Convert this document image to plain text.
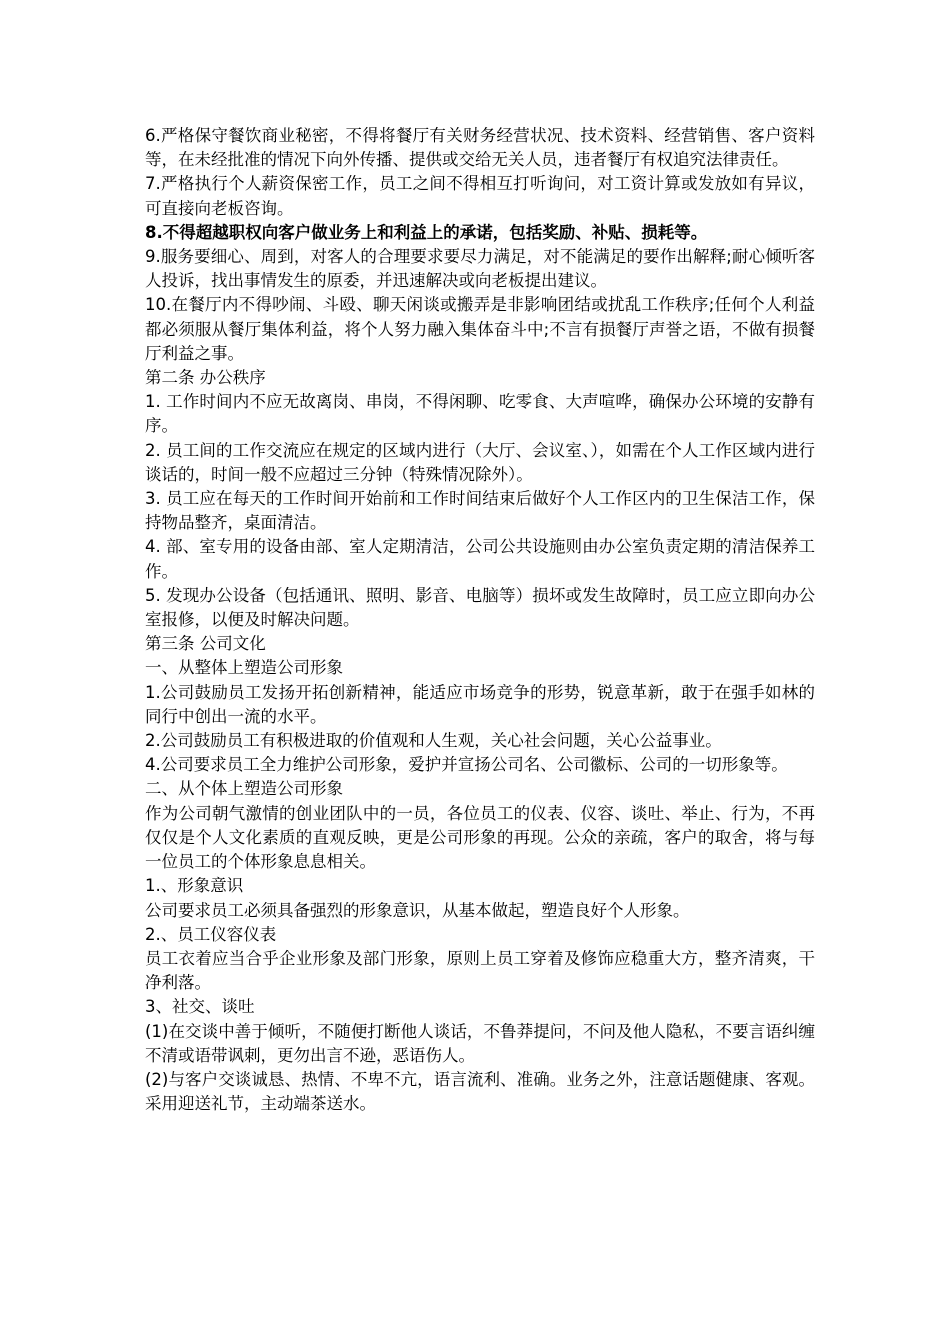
6.严格保守餐饮商业秘密，不得将餐厅有关财务经营状况、技术资料、经营销售、客户资料等，在未经批准的情况下向外传播、提供或交给无关人员，违者餐厅有权追究法律责任。

7.严格执行个人薪资保密工作，员工之间不得相互打听询问，对工资计算或发放如有异议，可直接向老板咨询。

8.不得超越职权向客户做业务上和利益上的承诺，包括奖励、补贴、损耗等。

9.服务要细心、周到，对客人的合理要求要尽力满足，对不能满足的要作出解释;耐心倾听客人投诉，找出事情发生的原委，并迅速解决或向老板提出建议。

10.在餐厅内不得吵闹、斗殴、聊天闲谈或搬弄是非影响团结或扰乱工作秩序;任何个人利益都必须服从餐厅集体利益，将个人努力融入集体奋斗中;不言有损餐厅声誉之语，不做有损餐厅利益之事。

第二条 办公秩序

1. 工作时间内不应无故离岗、串岗，不得闲聊、吃零食、大声喧哗，确保办公环境的安静有序。

2. 员工间的工作交流应在规定的区域内进行（大厅、会议室、），如需在个人工作区域内进行谈话的，时间一般不应超过三分钟（特殊情况除外）。

3. 员工应在每天的工作时间开始前和工作时间结束后做好个人工作区内的卫生保洁工作，保持物品整齐，桌面清洁。

4. 部、室专用的设备由部、室人定期清洁，公司公共设施则由办公室负责定期的清洁保养工作。

5. 发现办公设备（包括通讯、照明、影音、电脑等）损坏或发生故障时，员工应立即向办公室报修，以便及时解决问题。

第三条 公司文化

一、从整体上塑造公司形象

1.公司鼓励员工发扬开拓创新精神，能适应市场竞争的形势，锐意革新，敢于在强手如林的同行中创出一流的水平。

2.公司鼓励员工有积极进取的价值观和人生观，关心社会问题，关心公益事业。

4.公司要求员工全力维护公司形象，爱护并宣扬公司名、公司徽标、公司的一切形象等。

二、从个体上塑造公司形象

作为公司朝气激情的创业团队中的一员，各位员工的仪表、仪容、谈吐、举止、行为，不再仅仅是个人文化素质的直观反映，更是公司形象的再现。公众的亲疏，客户的取舍，将与每一位员工的个体形象息息相关。

1.、形象意识

公司要求员工必须具备强烈的形象意识，从基本做起，塑造良好个人形象。

2.、员工仪容仪表

员工衣着应当合乎企业形象及部门形象，原则上员工穿着及修饰应稳重大方，整齐清爽，干净利落。

3、社交、谈吐

(1)在交谈中善于倾听，不随便打断他人谈话，不鲁莽提问，不问及他人隐私，不要言语纠缠不清或语带讽刺，更勿出言不逊，恶语伤人。

(2)与客户交谈诚恳、热情、不卑不亢，语言流利、准确。业务之外，注意话题健康、客观。采用迎送礼节，主动端茶送水。
